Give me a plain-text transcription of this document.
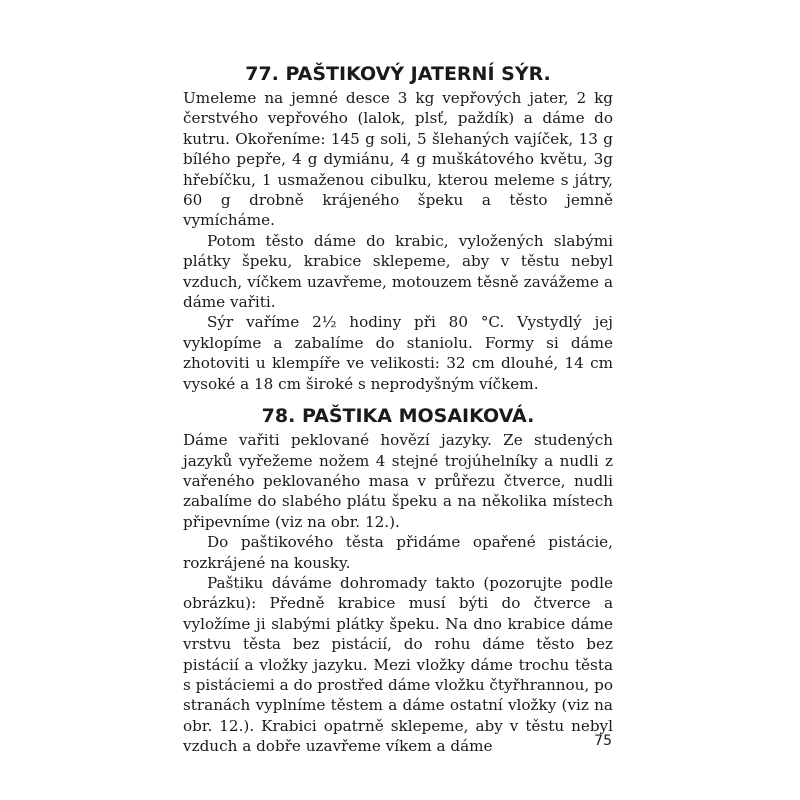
77. PAŠTIKOVÝ JATERNÍ SÝR.

Umeleme na jemné desce 3 kg vepřových jater, 2 kg čerstvého vepřového (lalok, plsť, paždík) a dáme do kutru. Okořeníme: 145 g soli, 5 šlehaných vajíček, 13 g bílého pepře, 4 g dymiánu, 4 g muškátového květu, 3g hřebíčku, 1 usmaženou cibulku, kterou meleme s játry, 60 g drobně krájeného špeku a těsto jemně vymícháme.

Potom těsto dáme do krabic, vyložených slabými plátky špeku, krabice sklepeme, aby v těstu nebyl vzduch, víčkem uzavřeme, motouzem těsně zavážeme a dáme vařiti.

Sýr vaříme 2½ hodiny při 80 °C. Vystydlý jej vyklopíme a zabalíme do staniolu. Formy si dáme zhotoviti u klempíře ve velikosti: 32 cm dlouhé, 14 cm vysoké a 18 cm široké s neprodyšným víčkem.

78. PAŠTIKA MOSAIKOVÁ.

Dáme vařiti peklované hovězí jazyky. Ze studených jazyků vyřežeme nožem 4 stejné trojúhelníky a nudli z vařeného peklovaného masa v průřezu čtverce, nudli zabalíme do slabého plátu špeku a na několika místech připevníme (viz na obr. 12.).

Do paštikového těsta přidáme opařené pistácie, rozkrájené na kousky.

Paštiku dáváme dohromady takto (pozorujte podle obrázku): Předně krabice musí býti do čtverce a vyložíme ji slabými plátky špeku. Na dno krabice dáme vrstvu těsta bez pistácií, do rohu dáme těsto bez pistácií a vložky jazyku. Mezi vložky dáme trochu těsta s pistáciemi a do prostřed dáme vložku čtyřhrannou, po stranách vyplníme těstem a dáme ostatní vložky (viz na obr. 12.). Krabici opatrně sklepeme, aby v těstu nebyl vzduch a dobře uzavřeme víkem a dáme	75
